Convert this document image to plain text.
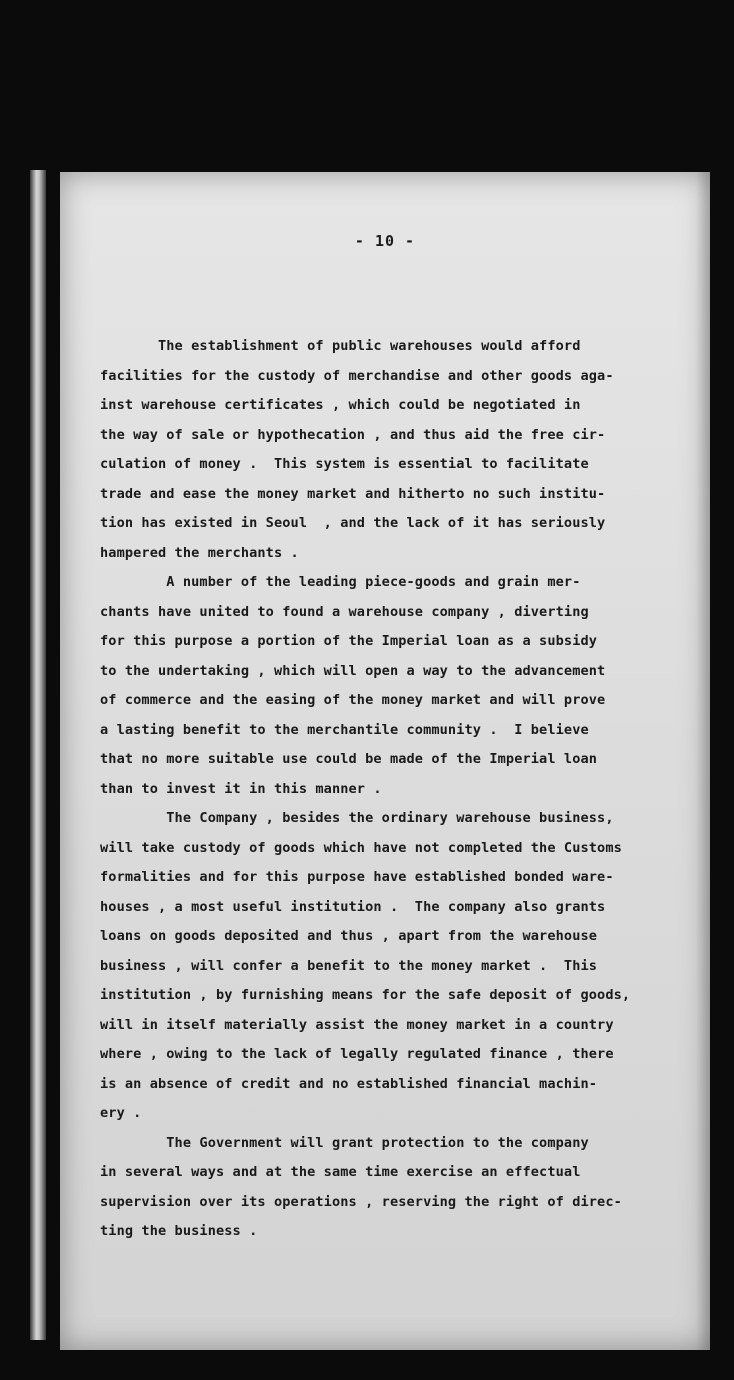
- 10 -
The establishment of public warehouses would afford
facilities for the custody of merchandise and other goods aga-
inst warehouse certificates , which could be negotiated in
the way of sale or hypothecation , and thus aid the free cir-
culation of money .  This system is essential to facilitate
trade and ease the money market and hitherto no such institu-
tion has existed in Seoul  , and the lack of it has seriously
hampered the merchants .
A number of the leading piece-goods and grain mer-
chants have united to found a warehouse company , diverting
for this purpose a portion of the Imperial loan as a subsidy
to the undertaking , which will open a way to the advancement
of commerce and the easing of the money market and will prove
a lasting benefit to the merchantile community .  I believe
that no more suitable use could be made of the Imperial loan
than to invest it in this manner .
The Company , besides the ordinary warehouse business,
will take custody of goods which have not completed the Customs
formalities and for this purpose have established bonded ware-
houses , a most useful institution .  The company also grants
loans on goods deposited and thus , apart from the warehouse
business , will confer a benefit to the money market .  This
institution , by furnishing means for the safe deposit of goods,
will in itself materially assist the money market in a country
where , owing to the lack of legally regulated finance , there
is an absence of credit and no established financial machin-
ery .
The Government will grant protection to the company
in several ways and at the same time exercise an effectual
supervision over its operations , reserving the right of direc-
ting the business .
